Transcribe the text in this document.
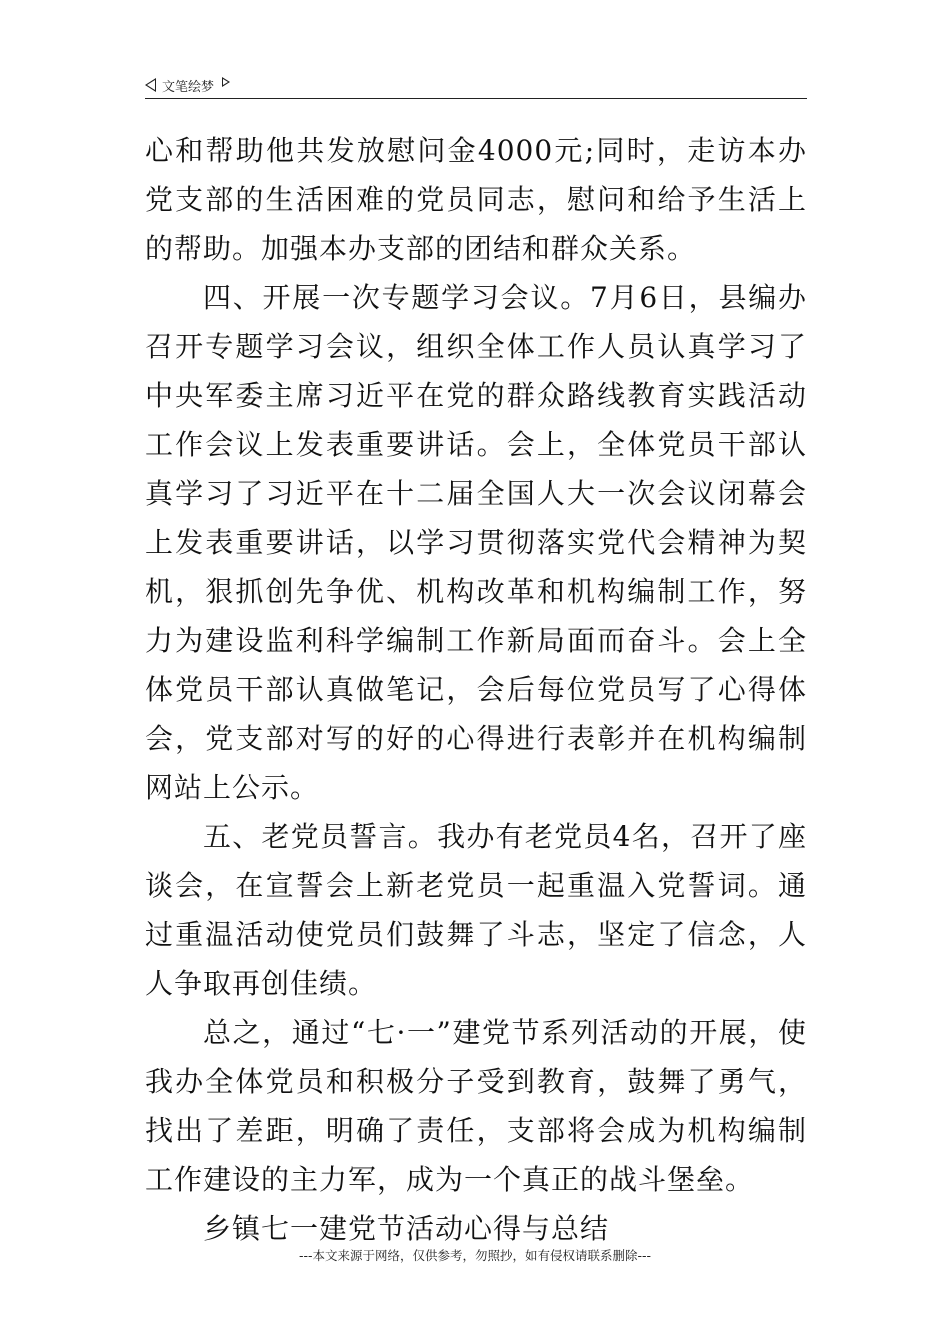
文笔绘梦

心和帮助他共发放慰问金4000元;同时，走访本办党支部的生活困难的党员同志，慰问和给予生活上的帮助。加强本办支部的团结和群众关系。

四、开展一次专题学习会议。7月6日，县编办召开专题学习会议，组织全体工作人员认真学习了中央军委主席习近平在党的群众路线教育实践活动工作会议上发表重要讲话。会上，全体党员干部认真学习了习近平在十二届全国人大一次会议闭幕会上发表重要讲话，以学习贯彻落实党代会精神为契机，狠抓创先争优、机构改革和机构编制工作，努力为建设监利科学编制工作新局面而奋斗。会上全体党员干部认真做笔记，会后每位党员写了心得体会，党支部对写的好的心得进行表彰并在机构编制网站上公示。

五、老党员誓言。我办有老党员4名，召开了座谈会，在宣誓会上新老党员一起重温入党誓词。通过重温活动使党员们鼓舞了斗志，坚定了信念，人人争取再创佳绩。

总之，通过“七·一”建党节系列活动的开展，使我办全体党员和积极分子受到教育，鼓舞了勇气，找出了差距，明确了责任，支部将会成为机构编制工作建设的主力军，成为一个真正的战斗堡垒。

乡镇七一建党节活动心得与总结

---本文来源于网络，仅供参考，勿照抄，如有侵权请联系删除---
